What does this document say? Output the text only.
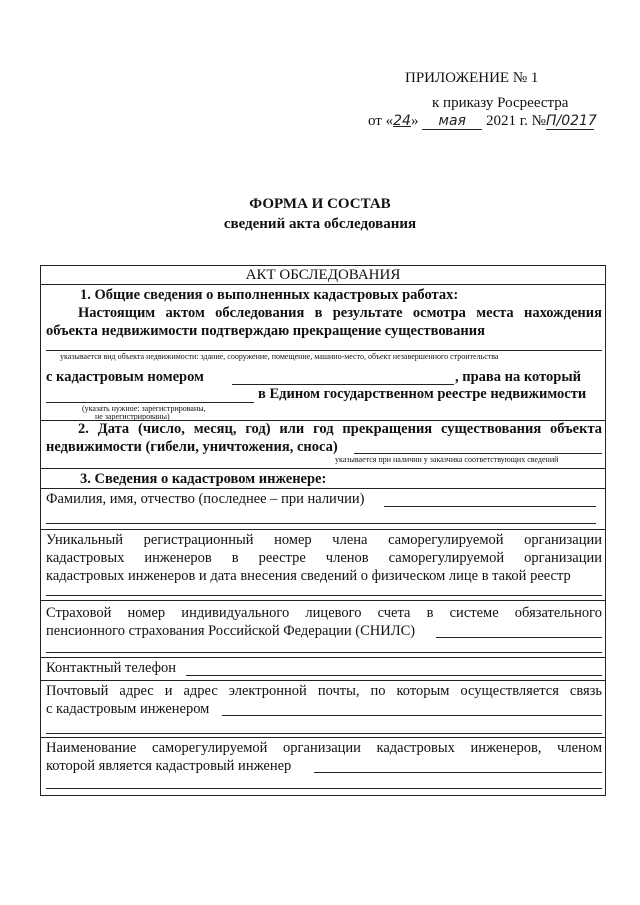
ПРИЛОЖЕНИЕ № 1
к приказу Росреестра
от «24» мая 2021 г. №П/0217
ФОРМА И СОСТАВ
сведений акта обследования
АКТ ОБСЛЕДОВАНИЯ
1. Общие сведения о выполненных кадастровых работах:
Настоящим актом обследования в результате осмотра места нахождения
объекта недвижимости подтверждаю прекращение существования
указывается вид объекта недвижимости: здание, сооружение, помещение, машино-место, объект незавершенного строительства
с кадастровым номером	, права на который
в Едином государственном реестре недвижимости
(указать нужное: зарегистрированы,
не зарегистрированы)
2. Дата (число, месяц, год) или год прекращения существования объекта
недвижимости (гибели, уничтожения, сноса)
указывается при наличии у заказчика соответствующих сведений
3. Сведения о кадастровом инженере:
Фамилия, имя, отчество (последнее – при наличии)
Уникальный регистрационный номер члена саморегулируемой организации
кадастровых инженеров в реестре членов саморегулируемой организации
кадастровых инженеров и дата внесения сведений о физическом лице в такой реестр
Страховой номер индивидуального лицевого счета в системе обязательного
пенсионного страхования Российской Федерации (СНИЛС)
Контактный телефон
Почтовый адрес и адрес электронной почты, по которым осуществляется связь
с кадастровым инженером
Наименование саморегулируемой организации кадастровых инженеров, членом
которой является кадастровый инженер
